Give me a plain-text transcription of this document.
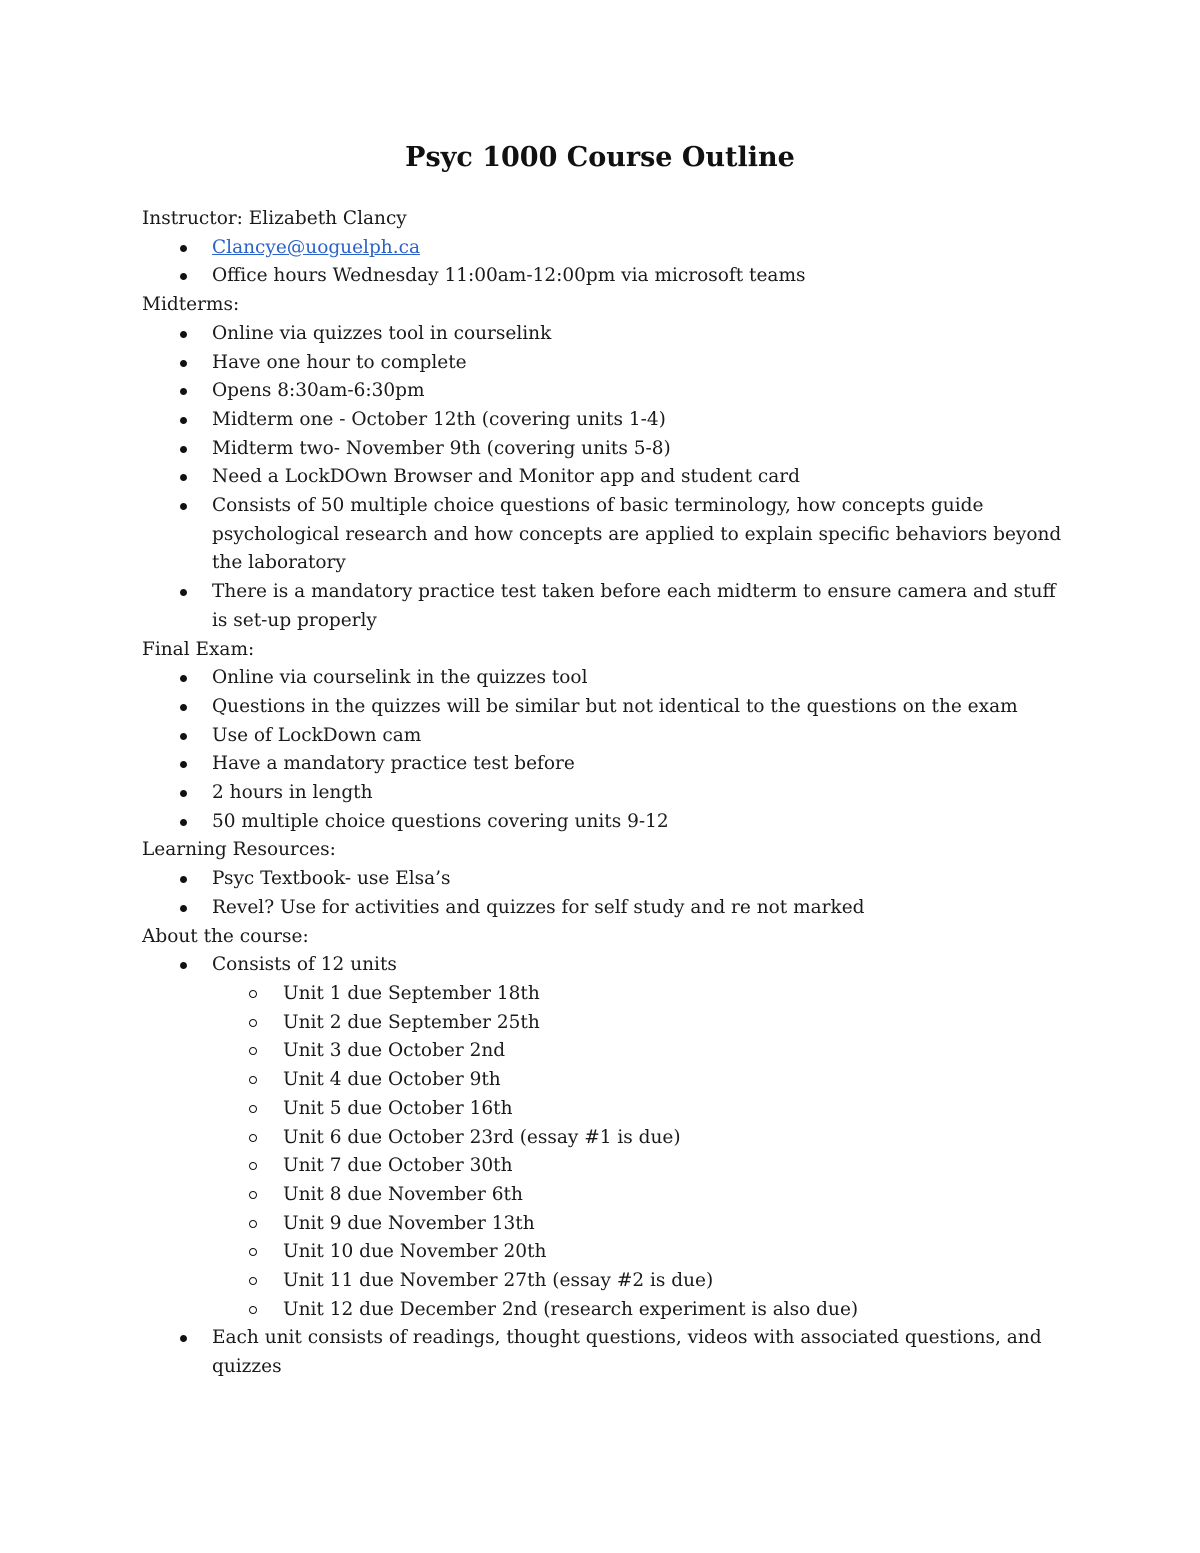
Psyc 1000 Course Outline

Instructor: Elizabeth Clancy

Clancye@uoguelph.ca
Office hours Wednesday 11:00am-12:00pm via microsoft teams

Midterms:

Online via quizzes tool in courselink
Have one hour to complete
Opens 8:30am-6:30pm
Midterm one - October 12th (covering units 1-4)
Midterm two- November 9th (covering units 5-8)
Need a LockDOwn Browser and Monitor app and student card
Consists of 50 multiple choice questions of basic terminology, how concepts guide psychological research and how concepts are applied to explain specific behaviors beyond the laboratory
There is a mandatory practice test taken before each midterm to ensure camera and stuff is set-up properly

Final Exam:

Online via courselink in the quizzes tool
Questions in the quizzes will be similar but not identical to the questions on the exam
Use of LockDown cam
Have a mandatory practice test before
2 hours in length
50 multiple choice questions covering units 9-12

Learning Resources:

Psyc Textbook- use Elsa’s
Revel? Use for activities and quizzes for self study and re not marked

About the course:

Consists of 12 units
Unit 1 due September 18th
Unit 2 due September 25th
Unit 3 due October 2nd
Unit 4 due October 9th
Unit 5 due October 16th
Unit 6 due October 23rd (essay #1 is due)
Unit 7 due October 30th
Unit 8 due November 6th
Unit 9 due November 13th
Unit 10 due November 20th
Unit 11 due November 27th (essay #2 is due)
Unit 12 due December 2nd (research experiment is also due)
Each unit consists of readings, thought questions, videos with associated questions, and quizzes
